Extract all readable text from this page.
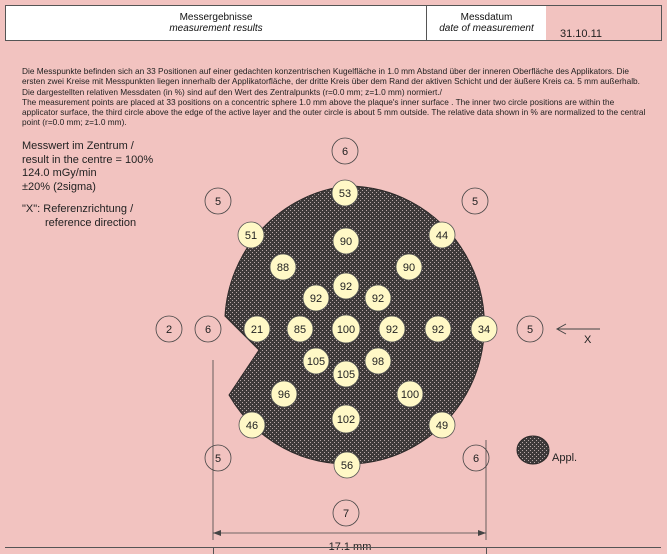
Messergebnisse
measurement results
Messdatum
date of measurement 31.10.11

Die Messpunkte befinden sich an 33 Positionen auf einer gedachten konzentrischen Kugelfläche in 1.0 mm Abstand über der inneren Oberfläche des Applikators. Die ersten zwei Kreise mit Messpunkten liegen innerhalb der Applikatorfläche, der dritte Kreis über dem Rand der aktiven Schicht und der äußere Kreis ca. 5 mm außerhalb. Die dargestellten relativen Messdaten (in %) sind auf den Wert des Zentralpunkts (r=0.0 mm; z=1.0 mm) normiert./

The measurement points are placed at 33 positions on a concentric sphere 1.0 mm above the plaque's inner surface . The inner two circle positions are within the applicator surface, the third circle above the edge of the active layer and the outer circle is about 5 mm outside. The relative data shown in % are normalized to the central point (r=0.0 mm; z=1.0 mm).

Messwert im Zentrum /
result in the centre = 100%
124.0 mGy/min
±20% (2sigma)
"X": Referenzrichtung /
reference direction
17.1 mm
X
Appl.
6
5	5
2	6	5
5	6
7
53
90
51	44
88	90
92
92	92
21	85	100	92	92	34
105	98
105
96	100
46	102	49
56
